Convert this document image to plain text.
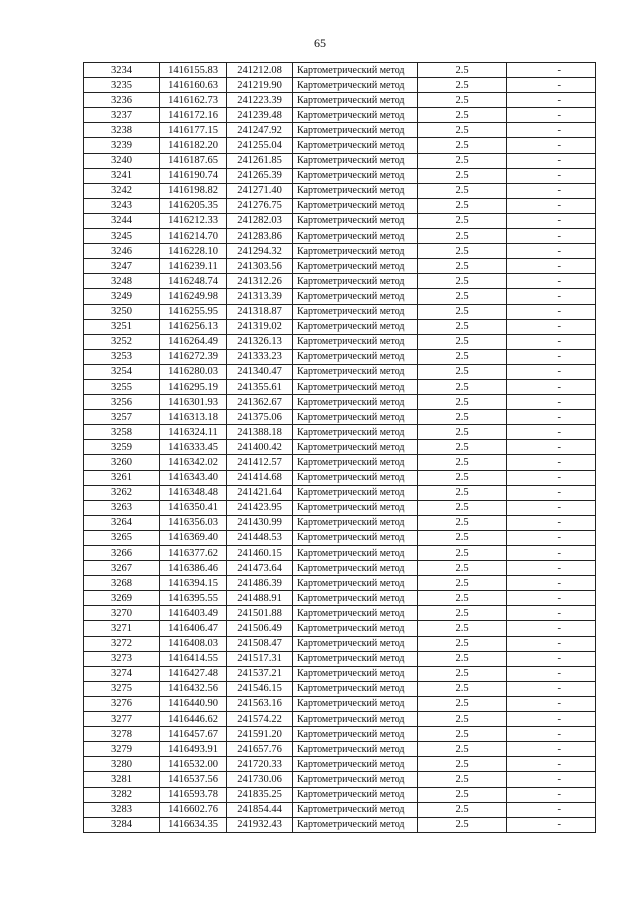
65
3234	1416155.83	241212.08	Картометрический метод	2.5	-
3235	1416160.63	241219.90	Картометрический метод	2.5	-
3236	1416162.73	241223.39	Картометрический метод	2.5	-
3237	1416172.16	241239.48	Картометрический метод	2.5	-
3238	1416177.15	241247.92	Картометрический метод	2.5	-
3239	1416182.20	241255.04	Картометрический метод	2.5	-
3240	1416187.65	241261.85	Картометрический метод	2.5	-
3241	1416190.74	241265.39	Картометрический метод	2.5	-
3242	1416198.82	241271.40	Картометрический метод	2.5	-
3243	1416205.35	241276.75	Картометрический метод	2.5	-
3244	1416212.33	241282.03	Картометрический метод	2.5	-
3245	1416214.70	241283.86	Картометрический метод	2.5	-
3246	1416228.10	241294.32	Картометрический метод	2.5	-
3247	1416239.11	241303.56	Картометрический метод	2.5	-
3248	1416248.74	241312.26	Картометрический метод	2.5	-
3249	1416249.98	241313.39	Картометрический метод	2.5	-
3250	1416255.95	241318.87	Картометрический метод	2.5	-
3251	1416256.13	241319.02	Картометрический метод	2.5	-
3252	1416264.49	241326.13	Картометрический метод	2.5	-
3253	1416272.39	241333.23	Картометрический метод	2.5	-
3254	1416280.03	241340.47	Картометрический метод	2.5	-
3255	1416295.19	241355.61	Картометрический метод	2.5	-
3256	1416301.93	241362.67	Картометрический метод	2.5	-
3257	1416313.18	241375.06	Картометрический метод	2.5	-
3258	1416324.11	241388.18	Картометрический метод	2.5	-
3259	1416333.45	241400.42	Картометрический метод	2.5	-
3260	1416342.02	241412.57	Картометрический метод	2.5	-
3261	1416343.40	241414.68	Картометрический метод	2.5	-
3262	1416348.48	241421.64	Картометрический метод	2.5	-
3263	1416350.41	241423.95	Картометрический метод	2.5	-
3264	1416356.03	241430.99	Картометрический метод	2.5	-
3265	1416369.40	241448.53	Картометрический метод	2.5	-
3266	1416377.62	241460.15	Картометрический метод	2.5	-
3267	1416386.46	241473.64	Картометрический метод	2.5	-
3268	1416394.15	241486.39	Картометрический метод	2.5	-
3269	1416395.55	241488.91	Картометрический метод	2.5	-
3270	1416403.49	241501.88	Картометрический метод	2.5	-
3271	1416406.47	241506.49	Картометрический метод	2.5	-
3272	1416408.03	241508.47	Картометрический метод	2.5	-
3273	1416414.55	241517.31	Картометрический метод	2.5	-
3274	1416427.48	241537.21	Картометрический метод	2.5	-
3275	1416432.56	241546.15	Картометрический метод	2.5	-
3276	1416440.90	241563.16	Картометрический метод	2.5	-
3277	1416446.62	241574.22	Картометрический метод	2.5	-
3278	1416457.67	241591.20	Картометрический метод	2.5	-
3279	1416493.91	241657.76	Картометрический метод	2.5	-
3280	1416532.00	241720.33	Картометрический метод	2.5	-
3281	1416537.56	241730.06	Картометрический метод	2.5	-
3282	1416593.78	241835.25	Картометрический метод	2.5	-
3283	1416602.76	241854.44	Картометрический метод	2.5	-
3284	1416634.35	241932.43	Картометрический метод	2.5	-
